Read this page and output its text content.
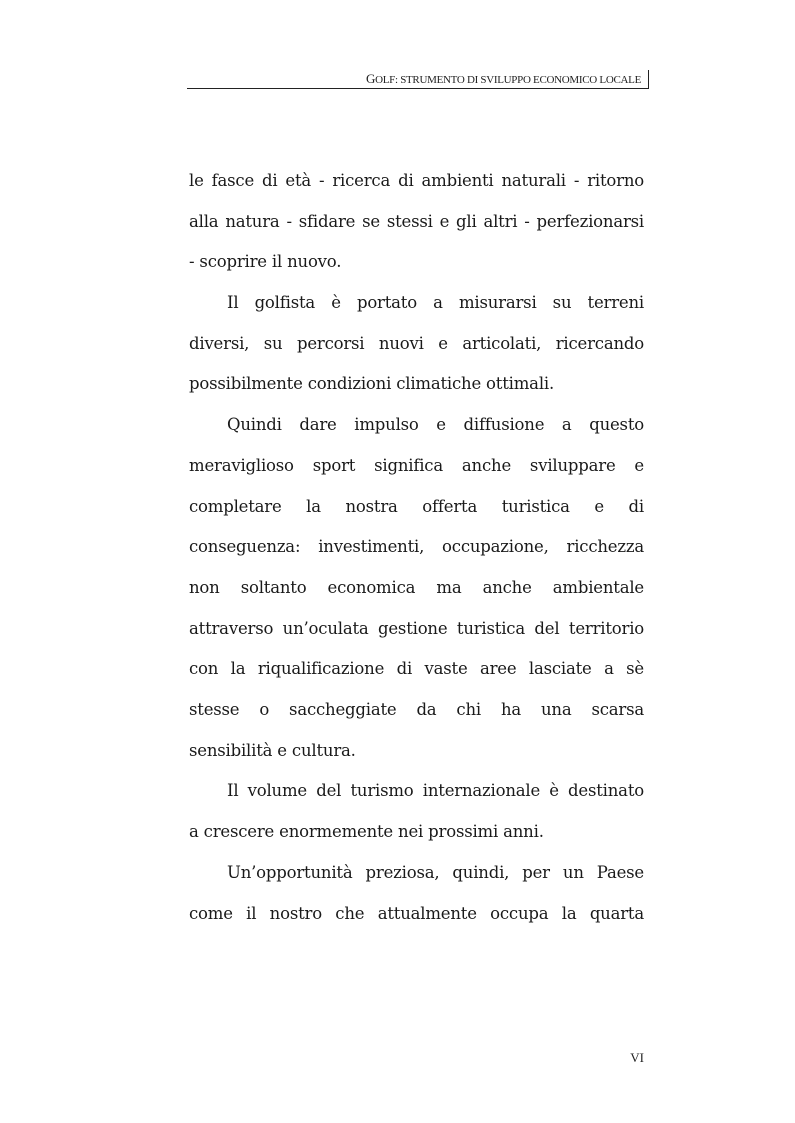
GOLF: STRUMENTO DI SVILUPPO ECONOMICO LOCALE
le fasce di età - ricerca di ambienti naturali - ritorno
alla natura - sfidare se stessi e gli altri - perfezionarsi
- scoprire il nuovo.
Il golfista è portato a misurarsi su terreni
diversi, su percorsi nuovi e articolati, ricercando
possibilmente condizioni climatiche ottimali.
Quindi dare impulso e diffusione a questo
meraviglioso sport significa anche sviluppare e
completare la nostra offerta turistica e di
conseguenza: investimenti, occupazione, ricchezza
non soltanto economica ma anche ambientale
attraverso un’oculata gestione turistica del territorio
con la riqualificazione di vaste aree lasciate a sè
stesse o saccheggiate da chi ha una scarsa
sensibilità e cultura.
Il volume del turismo internazionale è destinato
a crescere enormemente nei prossimi anni.
Un’opportunità preziosa, quindi, per un Paese
come il nostro che attualmente occupa la quarta
VI
